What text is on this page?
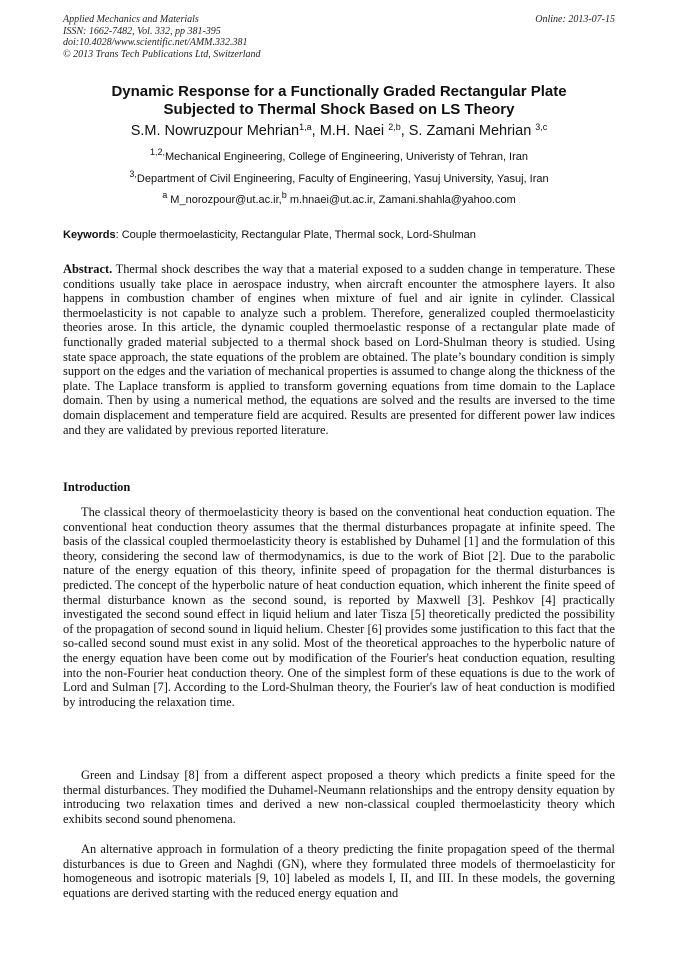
Applied Mechanics and Materials
ISSN: 1662-7482, Vol. 332, pp 381-395
doi:10.4028/www.scientific.net/AMM.332.381
© 2013 Trans Tech Publications Ltd, Switzerland
Online: 2013-07-15
Dynamic Response for a Functionally Graded Rectangular Plate
Subjected to Thermal Shock Based on LS Theory
S.M. Nowruzpour Mehrian$^{1,a}$, M.H. Naei $^{2,b}$, S. Zamani Mehrian $^{3,c}$
$^{1,2,}$Mechanical Engineering, College of Engineering, Univeristy of Tehran, Iran
$^{3,}$Department of Civil Engineering, Faculty of Engineering, Yasuj University, Yasuj, Iran
$^a$ M_norozpour@ut.ac.ir,$^b$ m.hnaei@ut.ac.ir, Zamani.shahla@yahoo.com
Keywords: Couple thermoelasticity, Rectangular Plate, Thermal sock, Lord-Shulman
Abstract. Thermal shock describes the way that a material exposed to a sudden change in temperature. These conditions usually take place in aerospace industry, when aircraft encounter the atmosphere layers. It also happens in combustion chamber of engines when mixture of fuel and air ignite in cylinder. Classical thermoelasticity is not capable to analyze such a problem. Therefore, generalized coupled thermoelasticity theories arose. In this article, the dynamic coupled thermoelastic response of a rectangular plate made of functionally graded material subjected to a thermal shock based on Lord-Shulman theory is studied. Using state space approach, the state equations of the problem are obtained. The plate’s boundary condition is simply support on the edges and the variation of mechanical properties is assumed to change along the thickness of the plate. The Laplace transform is applied to transform governing equations from time domain to the Laplace domain. Then by using a numerical method, the equations are solved and the results are inversed to the time domain displacement and temperature field are acquired. Results are presented for different power law indices and they are validated by previous reported literature.
Introduction
The classical theory of thermoelasticity theory is based on the conventional heat conduction equation. The conventional heat conduction theory assumes that the thermal disturbances propagate at infinite speed. The basis of the classical coupled thermoelasticity theory is established by Duhamel [1] and the formulation of this theory, considering the second law of thermodynamics, is due to the work of Biot [2]. Due to the parabolic nature of the energy equation of this theory, infinite speed of propagation for the thermal disturbances is predicted. The concept of the hyperbolic nature of heat conduction equation, which inherent the finite speed of thermal disturbance known as the second sound, is reported by Maxwell [3]. Peshkov [4] practically investigated the second sound effect in liquid helium and later Tisza [5] theoretically predicted the possibility of the propagation of second sound in liquid helium. Chester [6] provides some justification to this fact that the so-called second sound must exist in any solid. Most of the theoretical approaches to the hyperbolic nature of the energy equation have been come out by modification of the Fourier's heat conduction equation, resulting into the non-Fourier heat conduction theory. One of the simplest form of these equations is due to the work of Lord and Sulman [7]. According to the Lord-Shulman theory, the Fourier's law of heat conduction is modified by introducing the relaxation time.
Green and Lindsay [8] from a different aspect proposed a theory which predicts a finite speed for the thermal disturbances. They modified the Duhamel-Neumann relationships and the entropy density equation by introducing two relaxation times and derived a new non-classical coupled thermoelasticity theory which exhibits second sound phenomena.
An alternative approach in formulation of a theory predicting the finite propagation speed of the thermal disturbances is due to Green and Naghdi (GN), where they formulated three models of thermoelasticity for homogeneous and isotropic materials [9, 10] labeled as models I, II, and III. In these models, the governing equations are derived starting with the reduced energy equation and
